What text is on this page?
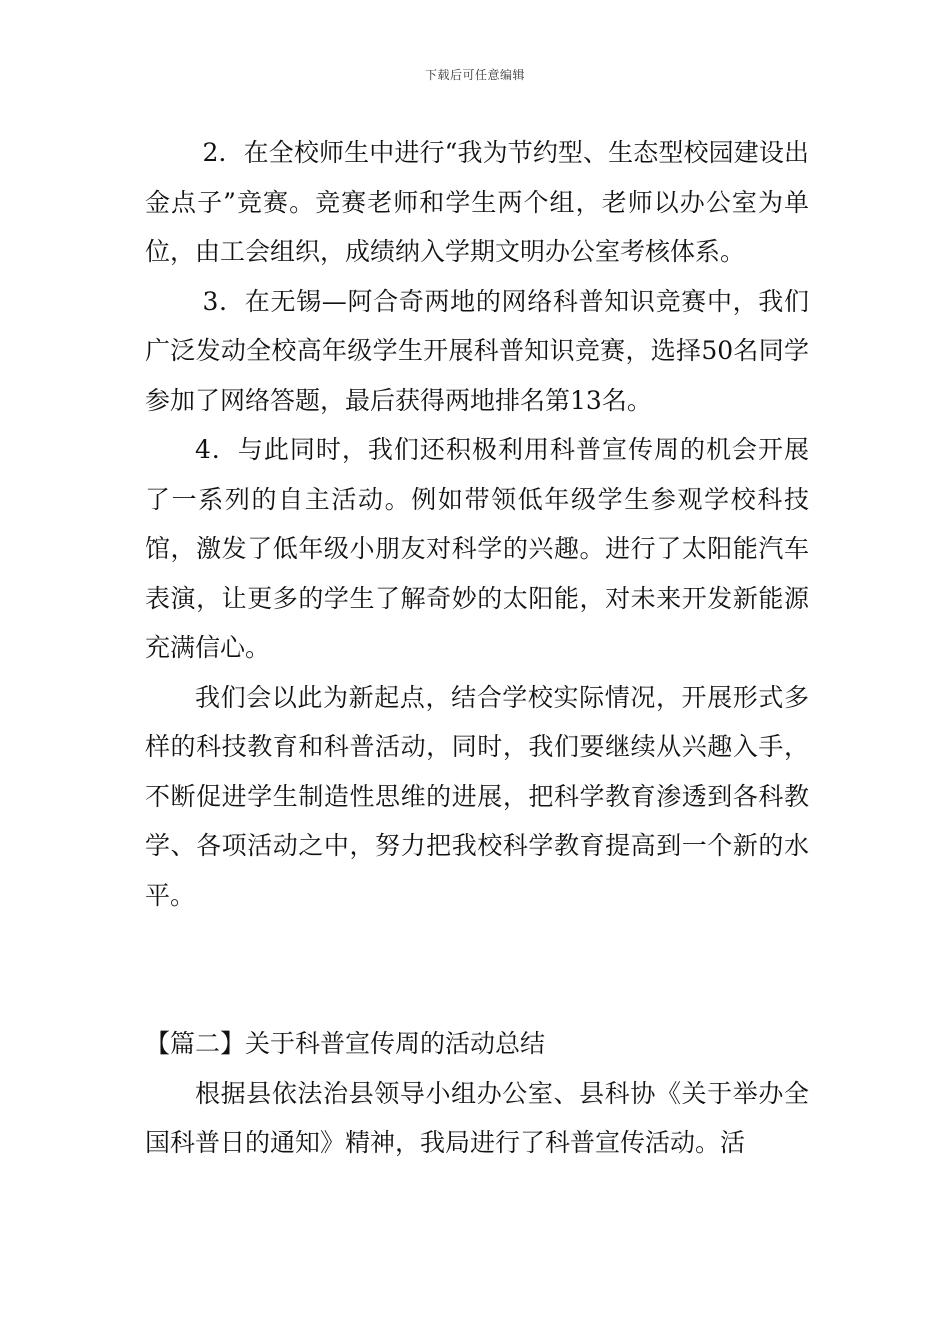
下载后可任意编辑

2．在全校师生中进行“我为节约型、生态型校园建设出金点子”竞赛。竞赛老师和学生两个组，老师以办公室为单位，由工会组织，成绩纳入学期文明办公室考核体系。

3．在无锡—阿合奇两地的网络科普知识竞赛中，我们广泛发动全校高年级学生开展科普知识竞赛，选择50名同学参加了网络答题，最后获得两地排名第13名。

4．与此同时，我们还积极利用科普宣传周的机会开展了一系列的自主活动。例如带领低年级学生参观学校科技馆，激发了低年级小朋友对科学的兴趣。进行了太阳能汽车表演，让更多的学生了解奇妙的太阳能，对未来开发新能源充满信心。

我们会以此为新起点，结合学校实际情况，开展形式多样的科技教育和科普活动，同时，我们要继续从兴趣入手，不断促进学生制造性思维的进展，把科学教育渗透到各科教学、各项活动之中，努力把我校科学教育提高到一个新的水平。

【篇二】关于科普宣传周的活动总结

根据县依法治县领导小组办公室、县科协《关于举办全国科普日的通知》精神，我局进行了科普宣传活动。活
